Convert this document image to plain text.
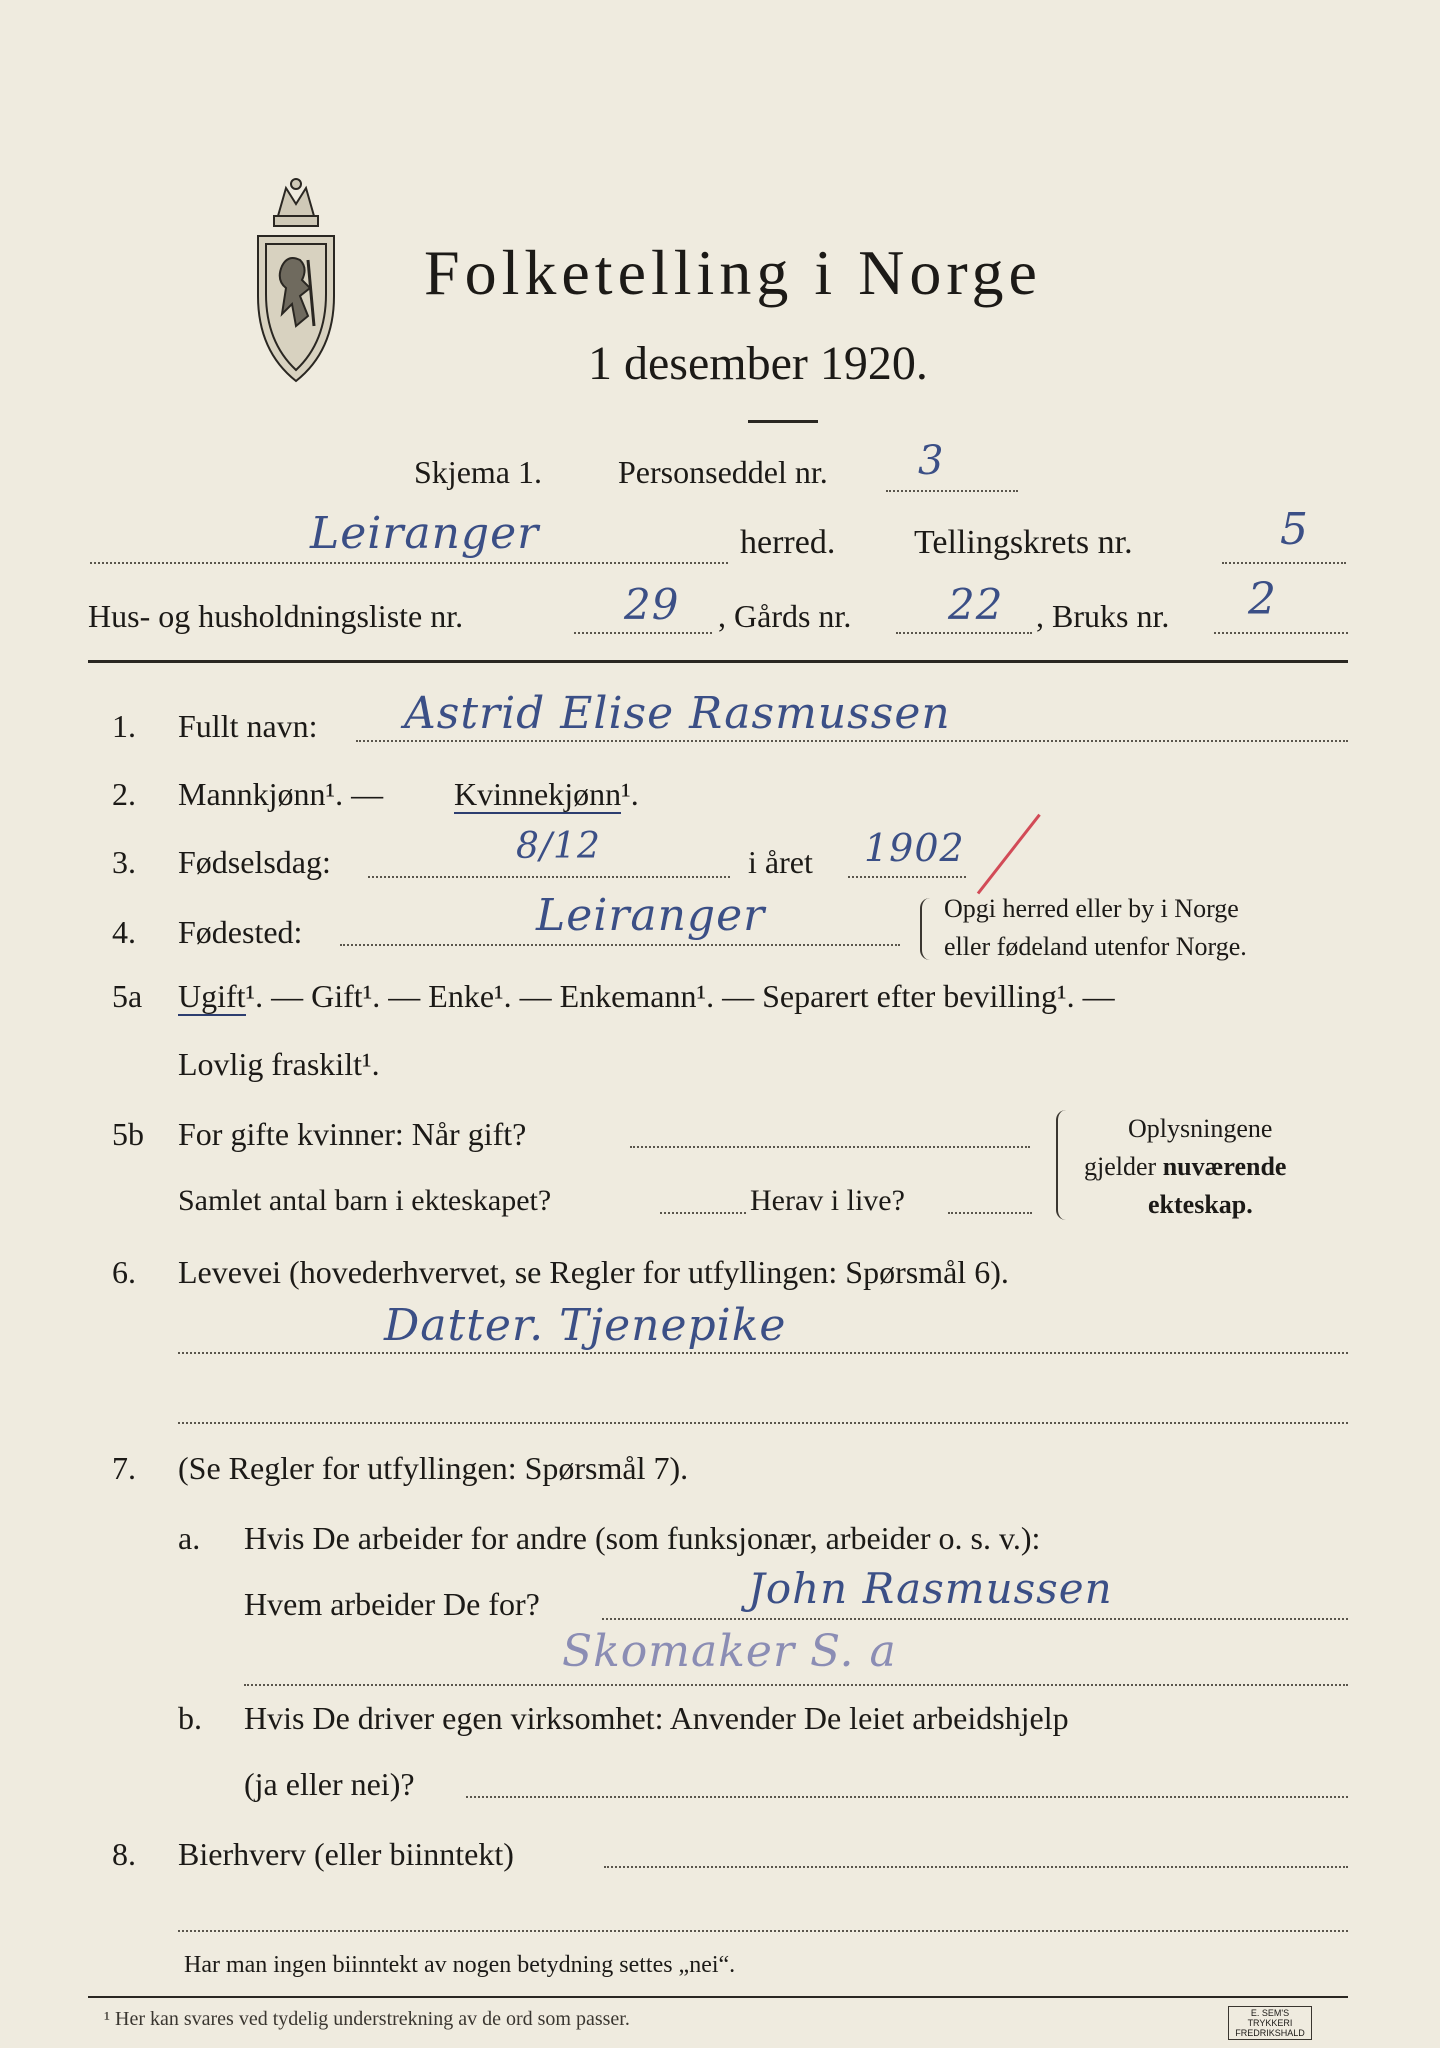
Folketelling i Norge
1 desember 1920.
Skjema 1. Personseddel nr. 3
Leiranger	herred. Tellingskrets nr.	5
Hus- og husholdningsliste nr.	29 , Gårds nr. 22 , Bruks nr. 2
1. Fullt navn: Astrid Elise Rasmussen
2. Mannkjønn¹. — Kvinnekjønn¹.
3. Fødselsdag:	8/12	i året 1902
4. Fødested:	Leiranger	Opgi herred eller by i Norge
eller fødeland utenfor Norge.
5a Ugift¹. — Gift¹. — Enke¹. — Enkemann¹. — Separert efter bevilling¹. —
Lovlig fraskilt¹.
5b For gifte kvinner: Når gift?
Samlet antal barn i ekteskapet?	Herav i live?
Oplysningene
gjelder nuværende
ekteskap.
6. Levevei (hovederhvervet, se Regler for utfyllingen: Spørsmål 6).
Datter. Tjenepike
7. (Se Regler for utfyllingen: Spørsmål 7).
a. Hvis De arbeider for andre (som funksjonær, arbeider o. s. v.):
Hvem arbeider De for?	John Rasmussen
Skomaker S. a
b. Hvis De driver egen virksomhet: Anvender De leiet arbeidshjelp
(ja eller nei)?
8. Bierhverv (eller biinntekt)
Har man ingen biinntekt av nogen betydning settes „nei“.
¹ Her kan svares ved tydelig understrekning av de ord som passer.	E. SEM'S TRYKKERI FREDRIKSHALD
